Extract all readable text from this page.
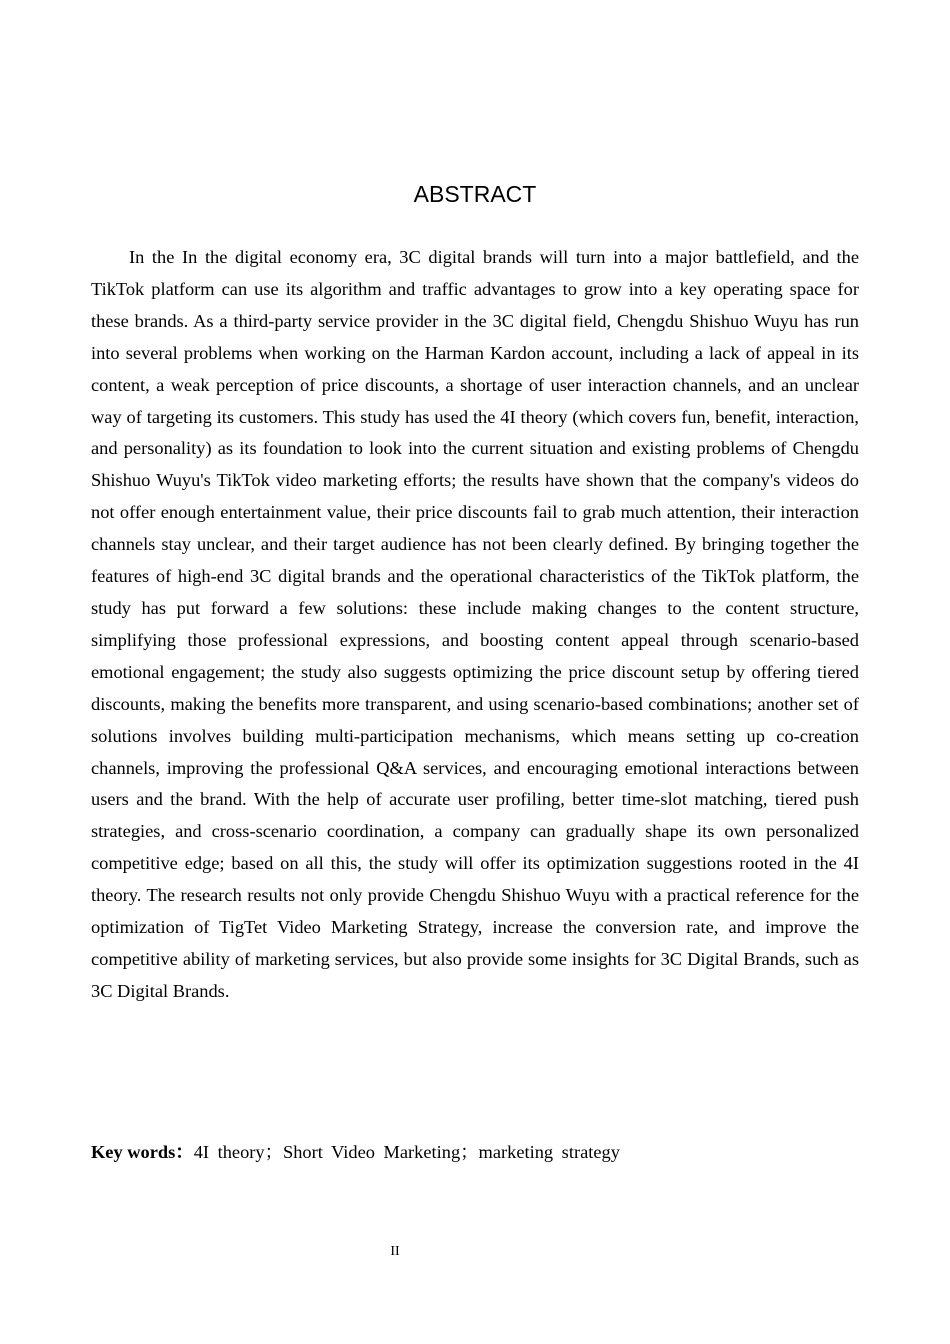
ABSTRACT

In the In the digital economy era, 3C digital brands will turn into a major battlefield, and the TikTok platform can use its algorithm and traffic advantages to grow into a key operating space for these brands. As a third-party service provider in the 3C digital field, Chengdu Shishuo Wuyu has run into several problems when working on the Harman Kardon account, including a lack of appeal in its content, a weak perception of price discounts, a shortage of user interaction channels, and an unclear way of targeting its customers. This study has used the 4I theory (which covers fun, benefit, interaction, and personality) as its foundation to look into the current situation and existing problems of Chengdu Shishuo Wuyu's TikTok video marketing efforts; the results have shown that the company's videos do not offer enough entertainment value, their price discounts fail to grab much attention, their interaction channels stay unclear, and their target audience has not been clearly defined. By bringing together the features of high-end 3C digital brands and the operational characteristics of the TikTok platform, the study has put forward a few solutions: these include making changes to the content structure, simplifying those professional expressions, and boosting content appeal through scenario-based emotional engagement; the study also suggests optimizing the price discount setup by offering tiered discounts, making the benefits more transparent, and using scenario-based combinations; another set of solutions involves building multi-participation mechanisms, which means setting up co-creation channels, improving the professional Q&A services, and encouraging emotional interactions between users and the brand. With the help of accurate user profiling, better time-slot matching, tiered push strategies, and cross-scenario coordination, a company can gradually shape its own personalized competitive edge; based on all this, the study will offer its optimization suggestions rooted in the 4I theory. The research results not only provide Chengdu Shishuo Wuyu with a practical reference for the optimization of TigTet Video Marketing Strategy, increase the conversion rate, and improve the competitive ability of marketing services, but also provide some insights for 3C Digital Brands, such as 3C Digital Brands.

Key words：4I theory；Short Video Marketing；marketing strategy

II
